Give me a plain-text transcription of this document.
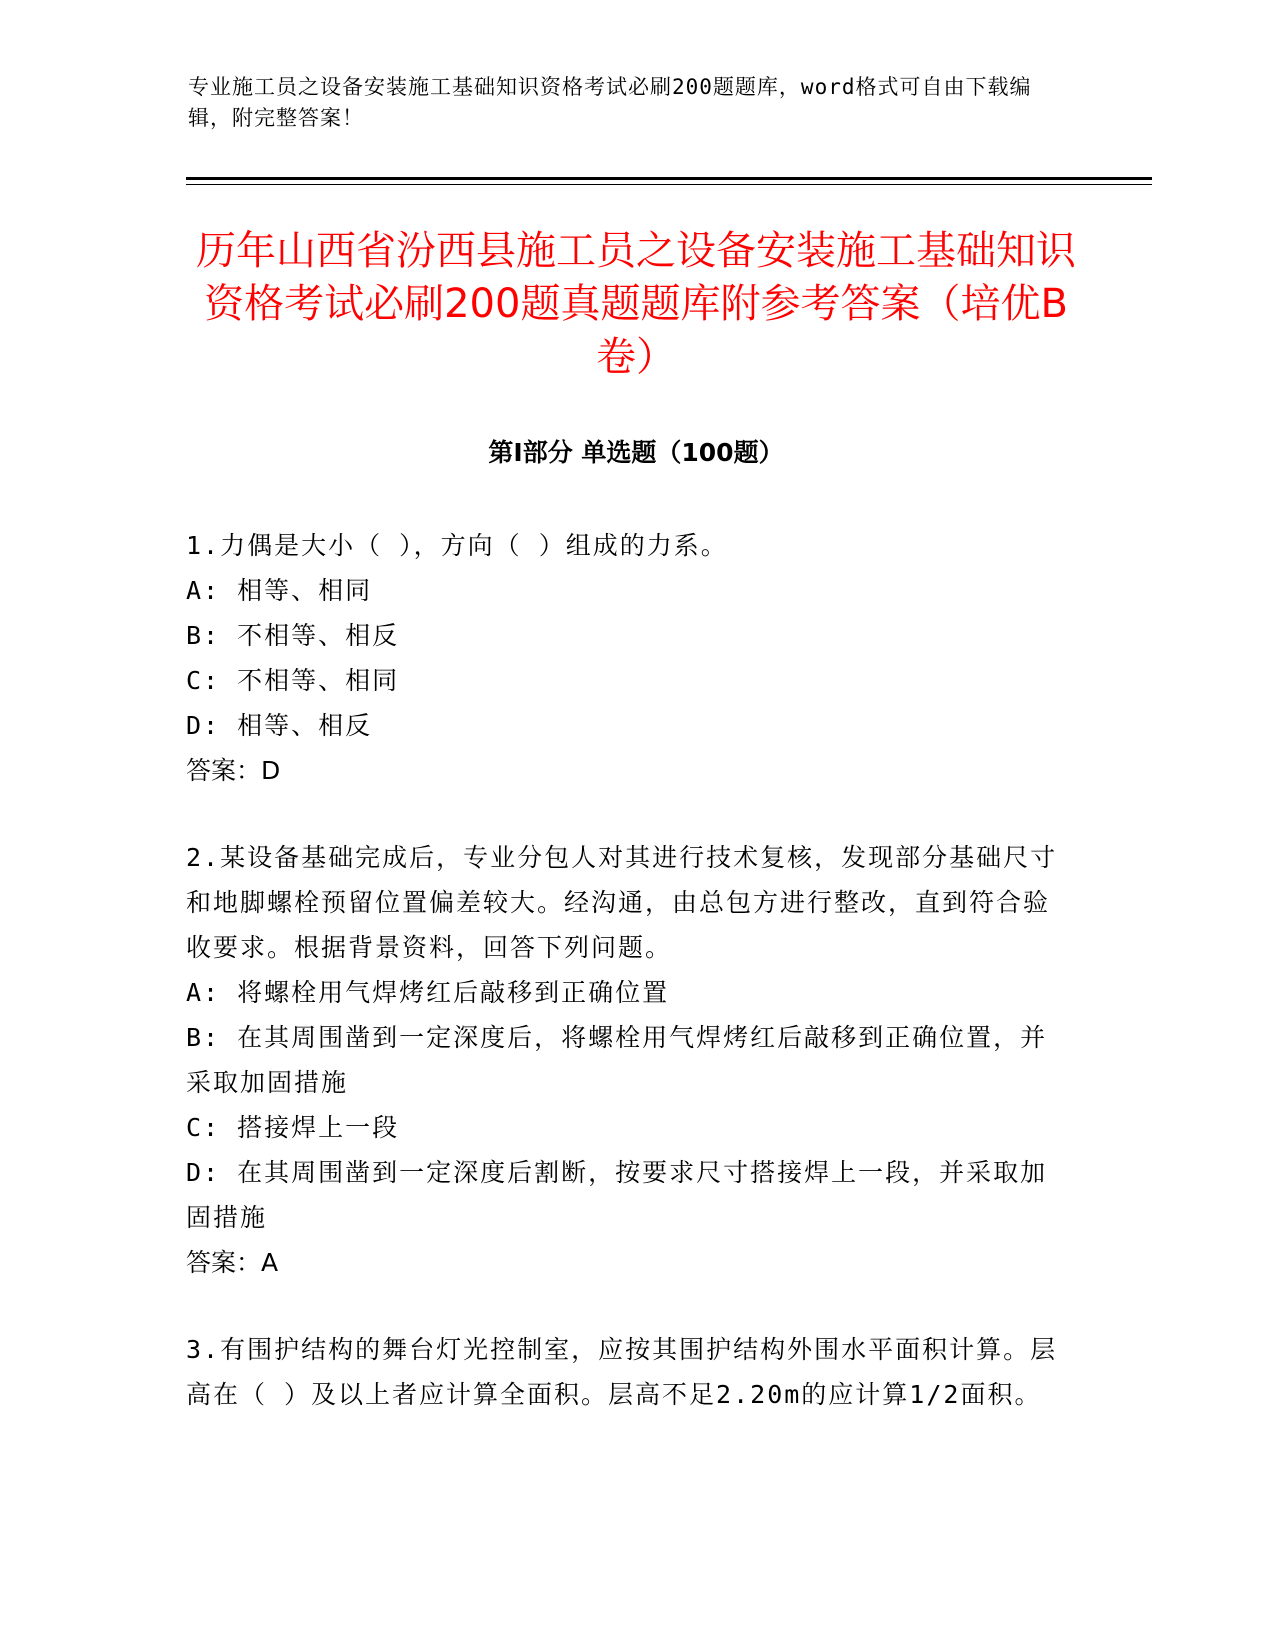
专业施工员之设备安装施工基础知识资格考试必刷200题题库，word格式可自由下载编辑，附完整答案！
历年山西省汾西县施工员之设备安装施工基础知识资格考试必刷200题真题题库附参考答案（培优B卷）
第I部分 单选题（100题）
1.力偶是大小（ ），方向（ ）组成的力系。
A: 相等、相同
B: 不相等、相反
C: 不相等、相同
D: 相等、相反
答案：D
2.某设备基础完成后，专业分包人对其进行技术复核，发现部分基础尺寸和地脚螺栓预留位置偏差较大。经沟通，由总包方进行整改，直到符合验收要求。根据背景资料，回答下列问题。
A: 将螺栓用气焊烤红后敲移到正确位置
B: 在其周围凿到一定深度后，将螺栓用气焊烤红后敲移到正确位置，并采取加固措施
C: 搭接焊上一段
D: 在其周围凿到一定深度后割断，按要求尺寸搭接焊上一段，并采取加固措施
答案：A
3.有围护结构的舞台灯光控制室，应按其围护结构外围水平面积计算。层高在（ ）及以上者应计算全面积。层高不足2.20m的应计算1/2面积。
